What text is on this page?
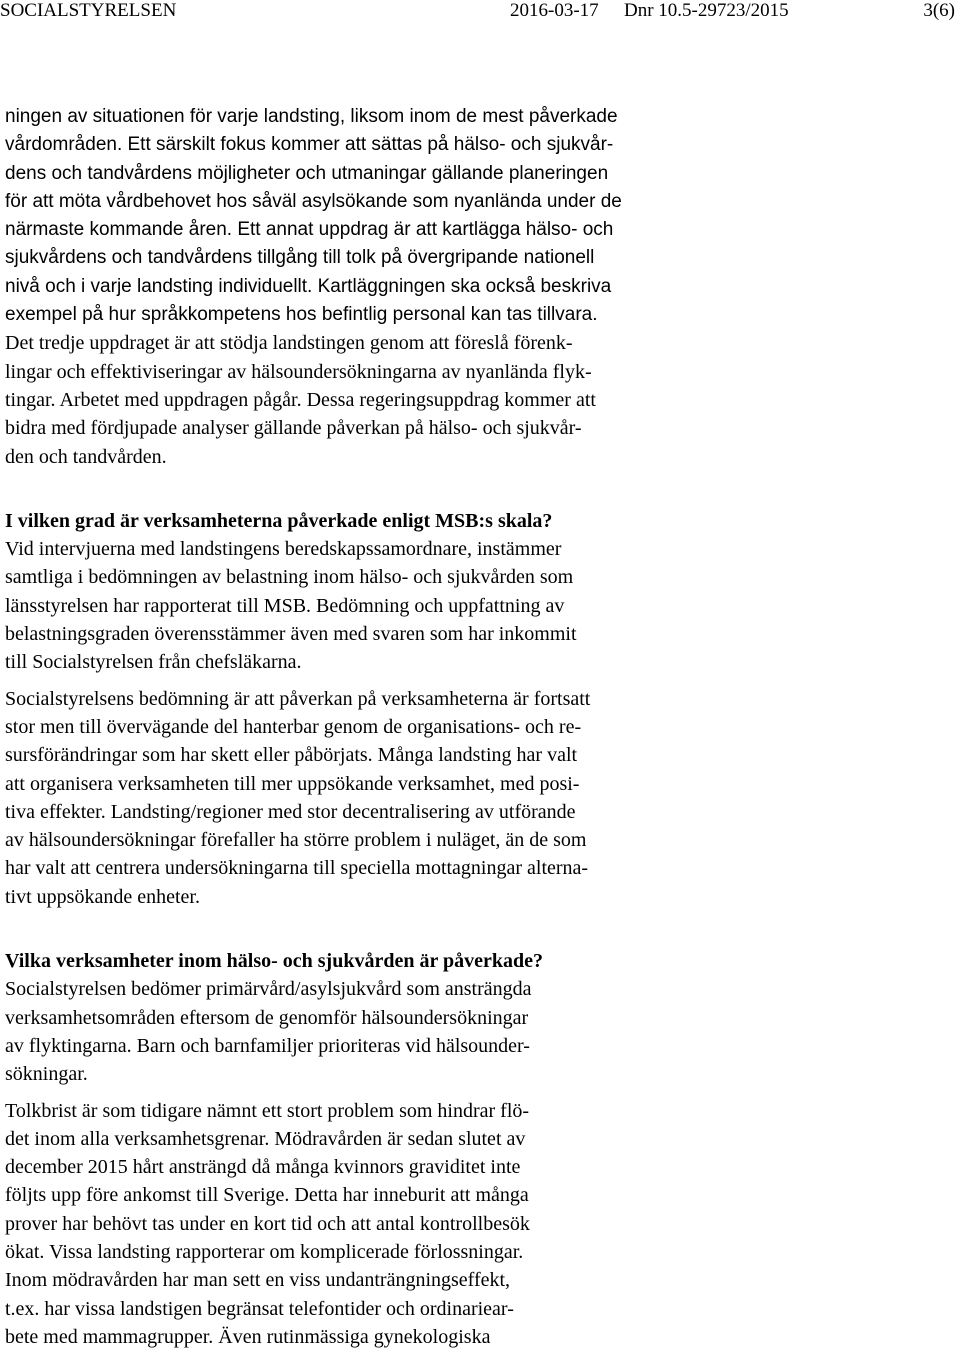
SOCIALSTYRELSEN	2016-03-17 Dnr 10.5-29723/2015	3(6)
ningen av situationen för varje landsting, liksom inom de mest påverkade
vårdområden. Ett särskilt fokus kommer att sättas på hälso- och sjukvår-
dens och tandvårdens möjligheter och utmaningar gällande planeringen
för att möta vårdbehovet hos såväl asylsökande som nyanlända under de
närmaste kommande åren. Ett annat uppdrag är att kartlägga hälso- och
sjukvårdens och tandvårdens tillgång till tolk på övergripande nationell
nivå och i varje landsting individuellt. Kartläggningen ska också beskriva
exempel på hur språkkompetens hos befintlig personal kan tas tillvara.
Det tredje uppdraget är att stödja landstingen genom att föreslå förenk-
lingar och effektiviseringar av hälsoundersökningarna av nyanlända flyk-
tingar. Arbetet med uppdragen pågår. Dessa regeringsuppdrag kommer att
bidra med fördjupade analyser gällande påverkan på hälso- och sjukvår-
den och tandvården.
I vilken grad är verksamheterna påverkade enligt MSB:s skala?
Vid intervjuerna med landstingens beredskapssamordnare, instämmer
samtliga i bedömningen av belastning inom hälso- och sjukvården som
länsstyrelsen har rapporterat till MSB. Bedömning och uppfattning av
belastningsgraden överensstämmer även med svaren som har inkommit
till Socialstyrelsen från chefsläkarna.
Socialstyrelsens bedömning är att påverkan på verksamheterna är fortsatt
stor men till övervägande del hanterbar genom de organisations- och re-
sursförändringar som har skett eller påbörjats. Många landsting har valt
att organisera verksamheten till mer uppsökande verksamhet, med posi-
tiva effekter. Landsting/regioner med stor decentralisering av utförande
av hälsoundersökningar förefaller ha större problem i nuläget, än de som
har valt att centrera undersökningarna till speciella mottagningar alterna-
tivt uppsökande enheter.
Vilka verksamheter inom hälso- och sjukvården är påverkade?
Socialstyrelsen bedömer primärvård/asylsjukvård som ansträngda
verksamhetsområden eftersom de genomför hälsoundersökningar
av flyktingarna. Barn och barnfamiljer prioriteras vid hälsounder-
sökningar.
Tolkbrist är som tidigare nämnt ett stort problem som hindrar flö-
det inom alla verksamhetsgrenar. Mödravården är sedan slutet av
december 2015 hårt ansträngd då många kvinnors graviditet inte
följts upp före ankomst till Sverige. Detta har inneburit att många
prover har behövt tas under en kort tid och att antal kontrollbesök
ökat. Vissa landsting rapporterar om komplicerade förlossningar.
Inom mödravården har man sett en viss undanträngningseffekt,
t.ex. har vissa landstigen begränsat telefontider och ordinariear-
bete med mammagrupper. Även rutinmässiga gynekologiska
